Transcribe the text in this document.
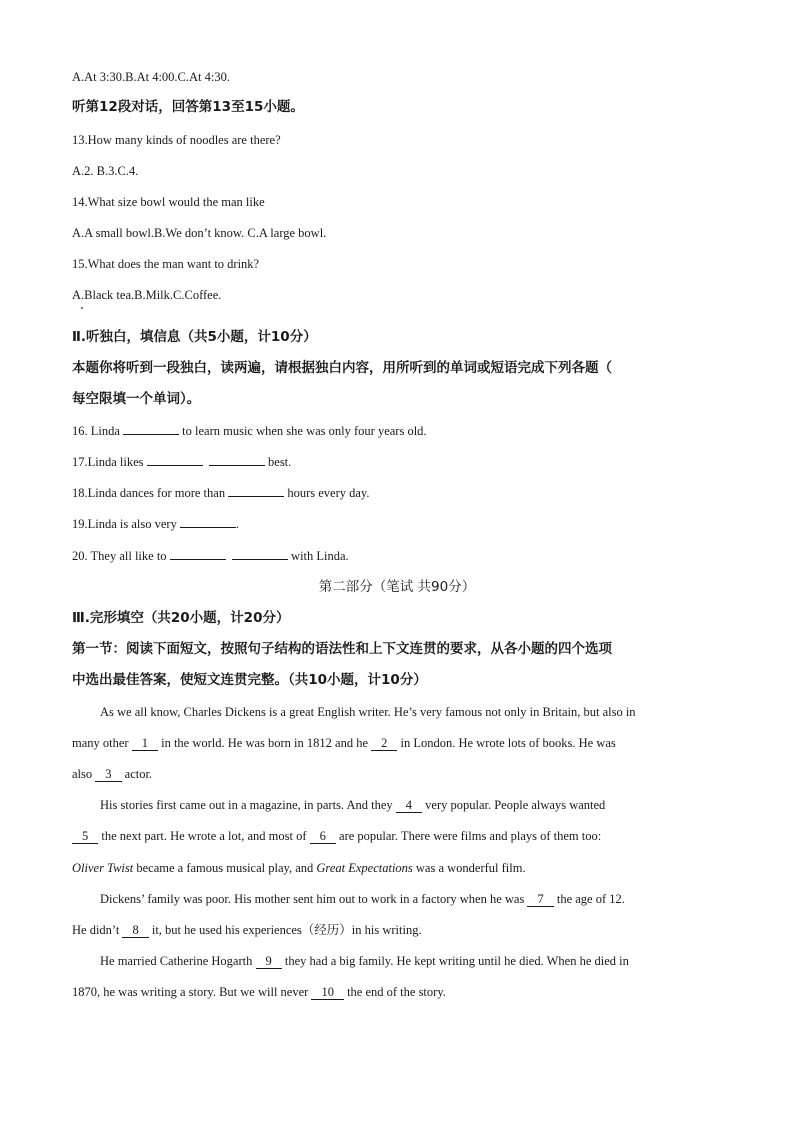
A.At 3:30.B.At 4:00.C.At 4:30.
听第12段对话，回答第13至15小题。
13.How many kinds of noodles are there?
A.2. B.3.C.4.
14.What size bowl would the man like
A.A small bowl.B.We don’t know. C.A large bowl.
15.What does the man want to drink?
A.Black tea.B.Milk.C.Coffee.
Ⅱ.听独白，填信息（共5小题，计10分）
本题你将听到一段独白，读两遍，请根据独白内容，用所听到的单词或短语完成下列各题（
每空限填一个单词）。
16. Linda	to learn music when she was only four years old.
17.Linda likes	best.
18.Linda dances for more than	hours every day.
19.Linda is also very	.
20. They all like to	with Linda.
第二部分（笔试 共90分）
Ⅲ.完形填空（共20小题，计20分）
第一节：阅读下面短文，按照句子结构的语法性和上下文连贯的要求，从各小题的四个选项
中选出最佳答案，使短文连贯完整。（共10小题，计10分）
As we all know, Charles Dickens is a great English writer. He’s very famous not only in Britain, but also in
many other 1 in the world. He was born in 1812 and he 2 in London. He wrote lots of books. He was
also 3 actor.
His stories first came out in a magazine, in parts. And they 4 very popular. People always wanted
5 the next part. He wrote a lot, and most of 6 are popular. There were films and plays of them too:
Oliver Twist became a famous musical play, and Great Expectations was a wonderful film.
Dickens’ family was poor. His mother sent him out to work in a factory when he was 7 the age of 12.
He didn’t 8 it, but he used his experiences（经历）in his writing.
He married Catherine Hogarth 9 they had a big family. He kept writing until he died. When he died in
1870, he was writing a story. But we will never 10 the end of the story.
